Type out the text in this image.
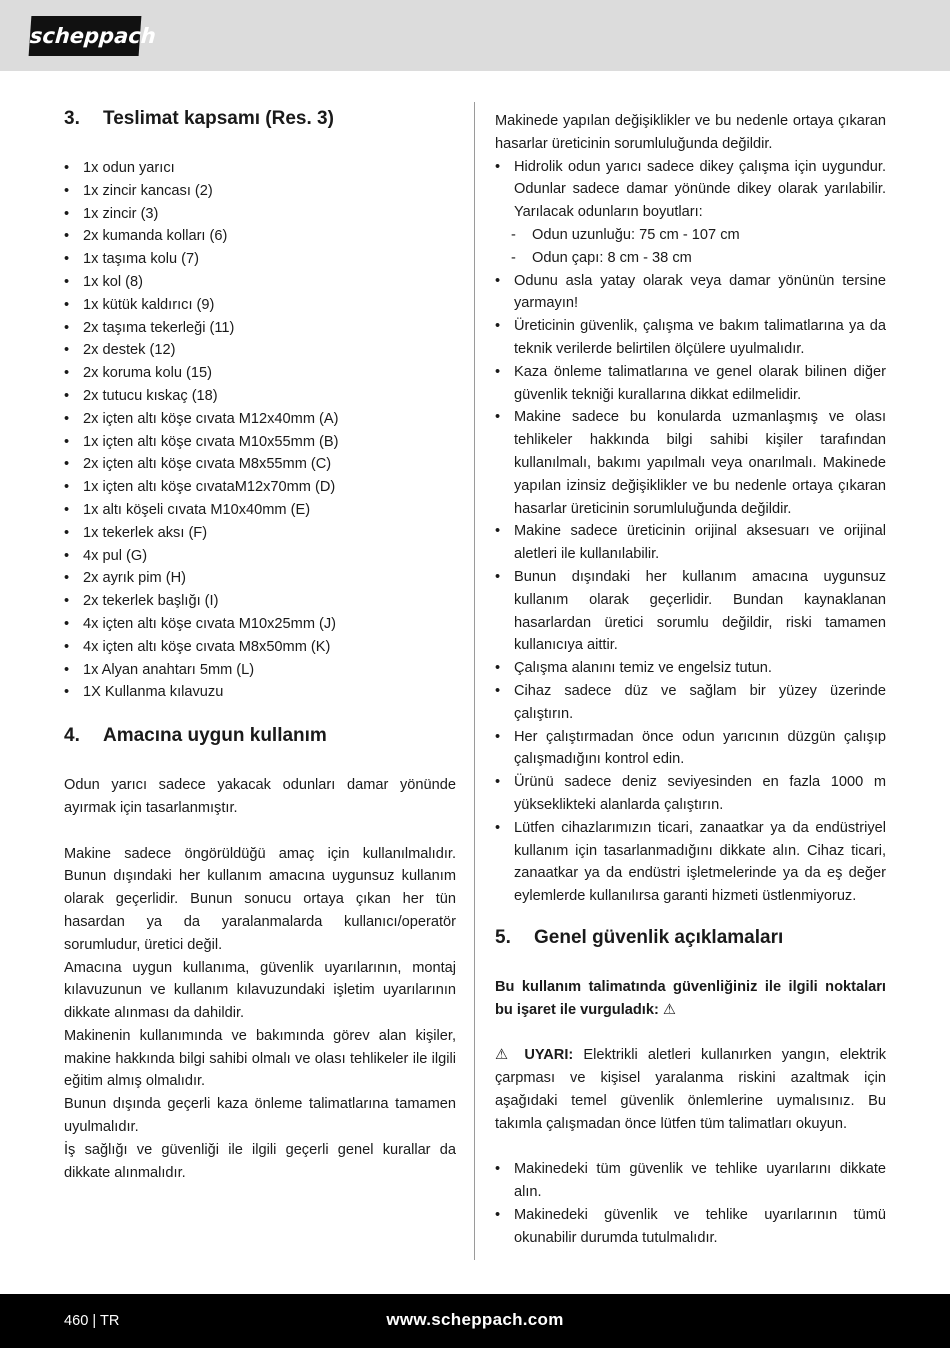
scheppach
3.	Teslimat kapsamı (Res. 3)
• 1x odun yarıcı
• 1x zincir kancası (2)
• 1x zincir (3)
• 2x kumanda kolları (6)
• 1x taşıma kolu (7)
• 1x kol (8)
• 1x kütük kaldırıcı (9)
• 2x taşıma tekerleği (11)
• 2x destek (12)
• 2x koruma kolu (15)
• 2x tutucu kıskaç (18)
• 2x içten altı köşe cıvata M12x40mm (A)
• 1x içten altı köşe cıvata M10x55mm (B)
• 2x içten altı köşe cıvata M8x55mm (C)
• 1x içten altı köşe cıvataM12x70mm (D)
• 1x altı köşeli cıvata M10x40mm (E)
• 1x tekerlek aksı (F)
• 4x pul (G)
• 2x ayrık pim (H)
• 2x tekerlek başlığı (I)
• 4x içten altı köşe cıvata M10x25mm (J)
• 4x içten altı köşe cıvata M8x50mm (K)
• 1x Alyan anahtarı 5mm (L)
• 1X Kullanma kılavuzu
4.	Amacına uygun kullanım

Odun yarıcı sadece yakacak odunları damar yönünde ayırmak için tasarlanmıştır.

Makine sadece öngörüldüğü amaç için kullanılmalıdır. Bunun dışındaki her kullanım amacına uygunsuz kullanım olarak geçerlidir. Bunun sonucu ortaya çıkan her tün hasardan ya da yaralanmalarda kullanıcı/operatör sorumludur, üretici değil.

Amacına uygun kullanıma, güvenlik uyarılarının, montaj kılavuzunun ve kullanım kılavuzundaki işletim uyarılarının dikkate alınması da dahildir.

Makinenin kullanımında ve bakımında görev alan kişiler, makine hakkında bilgi sahibi olmalı ve olası tehlikeler ile ilgili eğitim almış olmalıdır.

Bunun dışında geçerli kaza önleme talimatlarına tamamen uyulmalıdır.

İş sağlığı ve güvenliği ile ilgili geçerli genel kurallar da dikkate alınmalıdır.

Makinede yapılan değişiklikler ve bu nedenle ortaya çıkaran hasarlar üreticinin sorumluluğunda değildir.

• Hidrolik odun yarıcı sadece dikey çalışma için uygundur. Odunlar sadece damar yönünde dikey olarak yarılabilir. Yarılacak odunların boyutları:
- Odun uzunluğu: 75 cm - 107 cm
- Odun çapı: 8 cm - 38 cm
• Odunu asla yatay olarak veya damar yönünün tersine yarmayın!
• Üreticinin güvenlik, çalışma ve bakım talimatlarına ya da teknik verilerde belirtilen ölçülere uyulmalıdır.
• Kaza önleme talimatlarına ve genel olarak bilinen diğer güvenlik tekniği kurallarına dikkat edilmelidir.
• Makine sadece bu konularda uzmanlaşmış ve olası tehlikeler hakkında bilgi sahibi kişiler tarafından kullanılmalı, bakımı yapılmalı veya onarılmalı. Makinede yapılan izinsiz değişiklikler ve bu nedenle ortaya çıkaran hasarlar üreticinin sorumluluğunda değildir.
• Makine sadece üreticinin orijinal aksesuarı ve orijinal aletleri ile kullanılabilir.
• Bunun dışındaki her kullanım amacına uygunsuz kullanım olarak geçerlidir. Bundan kaynaklanan hasarlardan üretici sorumlu değildir, riski tamamen kullanıcıya aittir.
• Çalışma alanını temiz ve engelsiz tutun.
• Cihaz sadece düz ve sağlam bir yüzey üzerinde çalıştırın.
• Her çalıştırmadan önce odun yarıcının düzgün çalışıp çalışmadığını kontrol edin.
• Ürünü sadece deniz seviyesinden en fazla 1000 m yükseklikteki alanlarda çalıştırın.
• Lütfen cihazlarımızın ticari, zanaatkar ya da endüstriyel kullanım için tasarlanmadığını dikkate alın. Cihaz ticari, zanaatkar ya da endüstri işletmelerinde ya da eş değer eylemlerde kullanılırsa garanti hizmeti üstlenmiyoruz.
5.	Genel güvenlik açıklamaları

Bu kullanım talimatında güvenliğiniz ile ilgili noktaları bu işaret ile vurguladık: ⚠

⚠ UYARI: Elektrikli aletleri kullanırken yangın, elektrik çarpması ve kişisel yaralanma riskini azaltmak için aşağıdaki temel güvenlik önlemlerine uymalısınız. Bu takımla çalışmadan önce lütfen tüm talimatları okuyun.

• Makinedeki tüm güvenlik ve tehlike uyarılarını dikkate alın.
• Makinedeki güvenlik ve tehlike uyarılarının tümü okunabilir durumda tutulmalıdır.
460 | TR	www.scheppach.com
